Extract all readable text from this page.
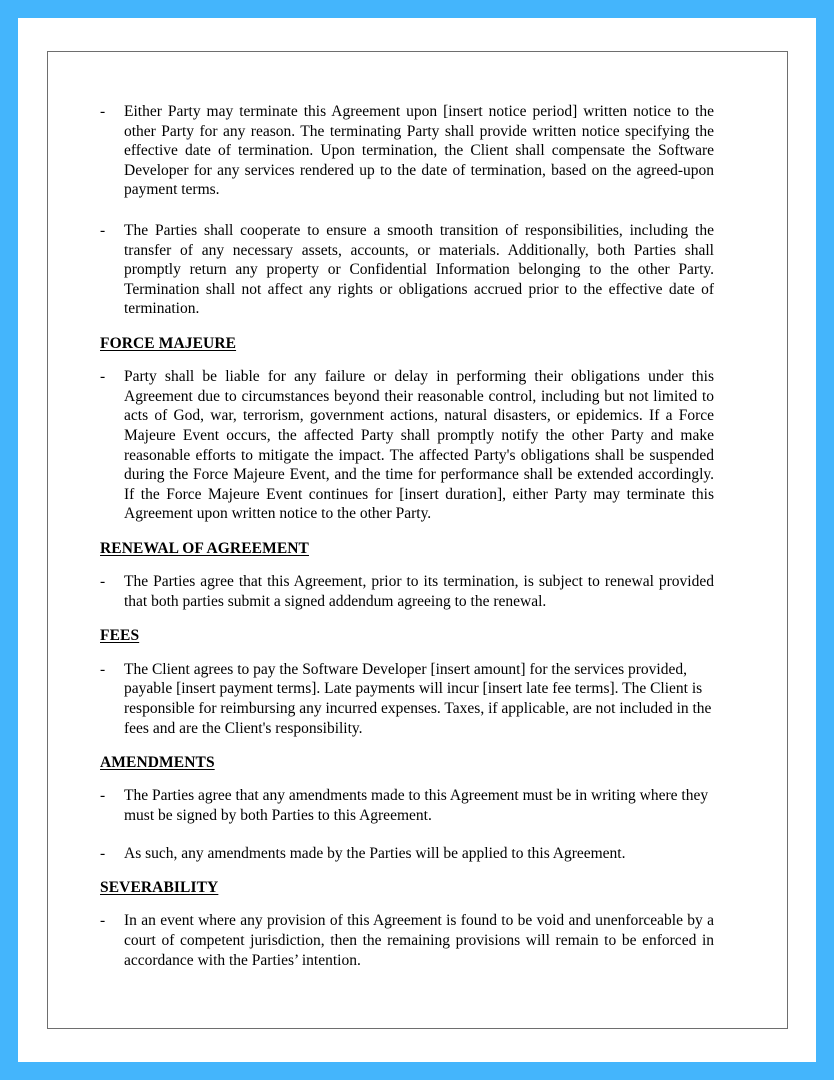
-	Either Party may terminate this Agreement upon [insert notice period] written notice to the other Party for any reason. The terminating Party shall provide written notice specifying the effective date of termination. Upon termination, the Client shall compensate the Software Developer for any services rendered up to the date of termination, based on the agreed-upon payment terms.
-	The Parties shall cooperate to ensure a smooth transition of responsibilities, including the transfer of any necessary assets, accounts, or materials. Additionally, both Parties shall promptly return any property or Confidential Information belonging to the other Party. Termination shall not affect any rights or obligations accrued prior to the effective date of termination.
FORCE MAJEURE
-	Party shall be liable for any failure or delay in performing their obligations under this Agreement due to circumstances beyond their reasonable control, including but not limited to acts of God, war, terrorism, government actions, natural disasters, or epidemics. If a Force Majeure Event occurs, the affected Party shall promptly notify the other Party and make reasonable efforts to mitigate the impact. The affected Party's obligations shall be suspended during the Force Majeure Event, and the time for performance shall be extended accordingly. If the Force Majeure Event continues for [insert duration], either Party may terminate this Agreement upon written notice to the other Party.
RENEWAL OF AGREEMENT
-	The Parties agree that this Agreement, prior to its termination, is subject to renewal provided that both parties submit a signed addendum agreeing to the renewal.
FEES
-	The Client agrees to pay the Software Developer [insert amount] for the services provided, payable [insert payment terms]. Late payments will incur [insert late fee terms]. The Client is responsible for reimbursing any incurred expenses. Taxes, if applicable, are not included in the fees and are the Client's responsibility.
AMENDMENTS
-	The Parties agree that any amendments made to this Agreement must be in writing where they must be signed by both Parties to this Agreement.
-	As such, any amendments made by the Parties will be applied to this Agreement.
SEVERABILITY
-	In an event where any provision of this Agreement is found to be void and unenforceable by a court of competent jurisdiction, then the remaining provisions will remain to be enforced in accordance with the Parties’ intention.
